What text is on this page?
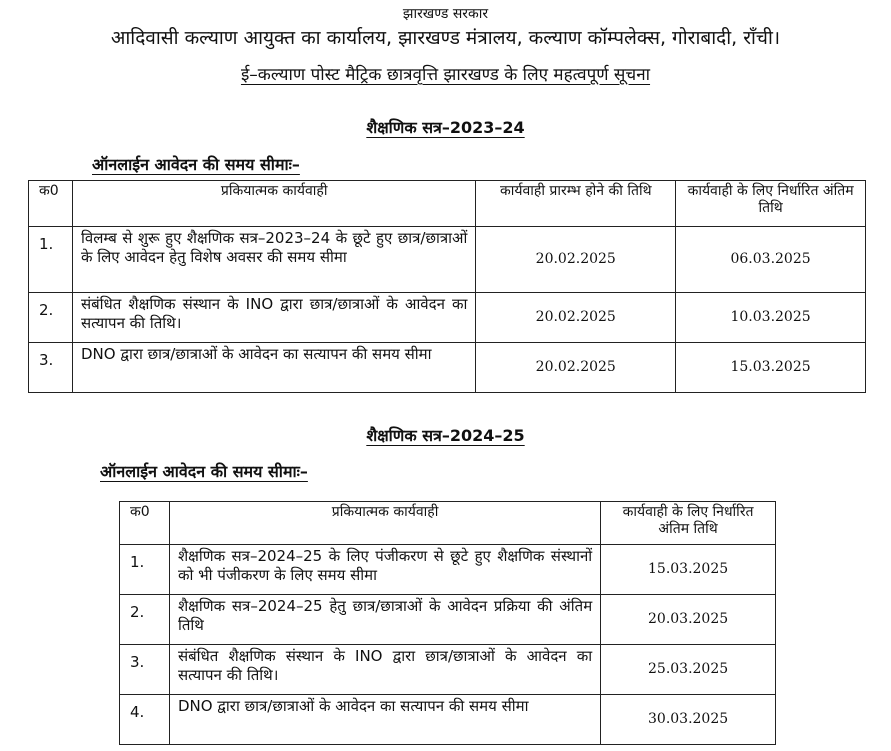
झारखण्ड सरकार
आदिवासी कल्याण आयुक्त का कार्यालय, झारखण्ड मंत्रालय, कल्याण कॉम्पलेक्स, गोराबादी, राँची।
ई–कल्याण पोस्ट मैट्रिक छात्रवृत्ति झारखण्ड के लिए महत्वपूर्ण सूचना
शैक्षणिक सत्र–2023–24
ऑनलाईन आवेदन की समय सीमाः–
क0	प्रकियात्मक कार्यवाही	कार्यवाही प्रारम्भ होने की तिथि	कार्यवाही के लिए निर्धारित अंतिम तिथि
1.	विलम्ब से शुरू हुए शैक्षणिक सत्र–2023–24 के छूटे हुए छात्र/छात्राओं के लिए आवेदन हेतु विशेष अवसर की समय सीमा	20.02.2025	06.03.2025
2.	संबंधित शैक्षणिक संस्थान के INO द्वारा छात्र/छात्राओं के आवेदन का सत्यापन की तिथि।	20.02.2025	10.03.2025
3.	DNO द्वारा छात्र/छात्राओं के आवेदन का सत्यापन की समय सीमा	20.02.2025	15.03.2025
शैक्षणिक सत्र–2024–25
ऑनलाईन आवेदन की समय सीमाः–
क0	प्रकियात्मक कार्यवाही	कार्यवाही के लिए निर्धारित अंतिम तिथि
1.	शैक्षणिक सत्र–2024–25 के लिए पंजीकरण से छूटे हुए शैक्षणिक संस्थानों को भी पंजीकरण के लिए समय सीमा	15.03.2025
2.	शैक्षणिक सत्र–2024–25 हेतु छात्र/छात्राओं के आवेदन प्रक्रिया की अंतिम तिथि	20.03.2025
3.	संबंधित शैक्षणिक संस्थान के INO द्वारा छात्र/छात्राओं के आवेदन का सत्यापन की तिथि।	25.03.2025
4.	DNO द्वारा छात्र/छात्राओं के आवेदन का सत्यापन की समय सीमा	30.03.2025
